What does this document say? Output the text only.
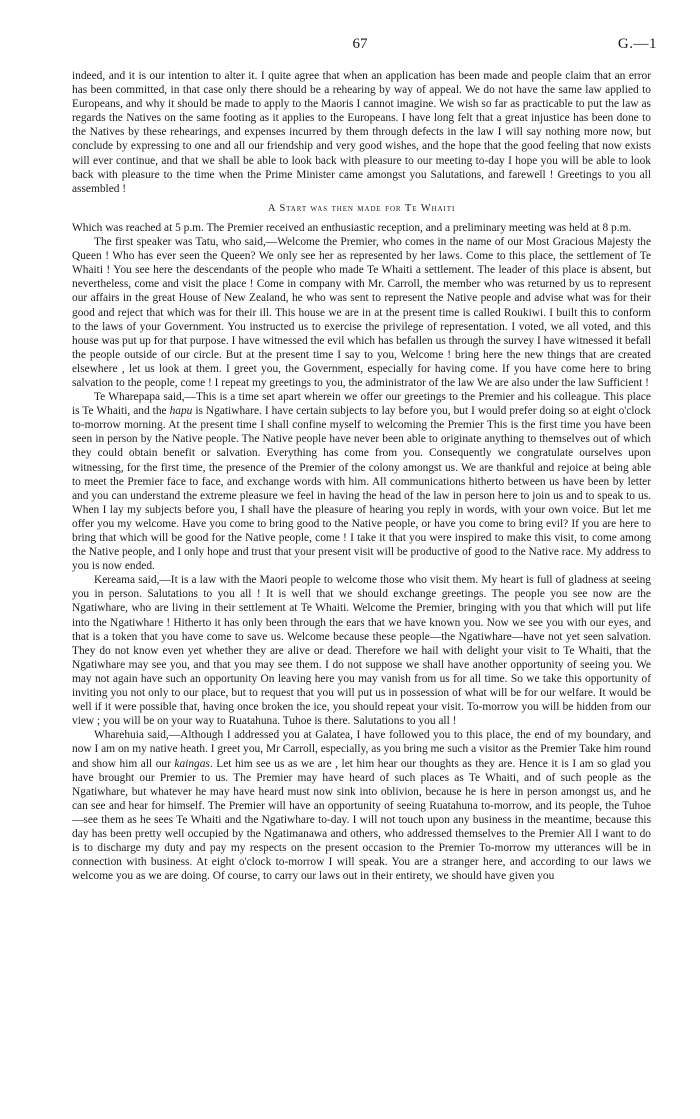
67	G.—1

indeed, and it is our intention to alter it. I quite agree that when an application has been made and people claim that an error has been committed, in that case only there should be a rehearing by way of appeal. We do not have the same law applied to Europeans, and why it should be made to apply to the Maoris I cannot imagine. We wish so far as practicable to put the law as regards the Natives on the same footing as it applies to the Europeans. I have long felt that a great injustice has been done to the Natives by these rehearings, and expenses incurred by them through defects in the law I will say nothing more now, but conclude by expressing to one and all our friendship and very good wishes, and the hope that the good feeling that now exists will ever continue, and that we shall be able to look back with pleasure to our meeting to-day I hope you will be able to look back with pleasure to the time when the Prime Minister came amongst you Salutations, and farewell ! Greetings to you all assembled !

A Start was then made for Te Whaiti

Which was reached at 5 p.m. The Premier received an enthusiastic reception, and a preliminary meeting was held at 8 p.m.

The first speaker was Tatu, who said,—Welcome the Premier, who comes in the name of our Most Gracious Majesty the Queen ! Who has ever seen the Queen? We only see her as represented by her laws. Come to this place, the settlement of Te Whaiti ! You see here the descendants of the people who made Te Whaiti a settlement. The leader of this place is absent, but nevertheless, come and visit the place ! Come in company with Mr. Carroll, the member who was returned by us to represent our affairs in the great House of New Zealand, he who was sent to represent the Native people and advise what was for their good and reject that which was for their ill. This house we are in at the present time is called Roukiwi. I built this to conform to the laws of your Government. You instructed us to exercise the privilege of representation. I voted, we all voted, and this house was put up for that purpose. I have witnessed the evil which has befallen us through the survey I have witnessed it befall the people outside of our circle. But at the present time I say to you, Welcome ! bring here the new things that are created elsewhere , let us look at them. I greet you, the Government, especially for having come. If you have come here to bring salvation to the people, come ! I repeat my greetings to you, the administrator of the law We are also under the law Sufficient !

Te Wharepapa said,—This is a time set apart wherein we offer our greetings to the Premier and his colleague. This place is Te Whaiti, and the hapu is Ngatiwhare. I have certain subjects to lay before you, but I would prefer doing so at eight o'clock to-morrow morning. At the present time I shall confine myself to welcoming the Premier This is the first time you have been seen in person by the Native people. The Native people have never been able to originate anything to themselves out of which they could obtain benefit or salvation. Everything has come from you. Consequently we congratulate ourselves upon witnessing, for the first time, the presence of the Premier of the colony amongst us. We are thankful and rejoice at being able to meet the Premier face to face, and exchange words with him. All communications hitherto between us have been by letter and you can understand the extreme pleasure we feel in having the head of the law in person here to join us and to speak to us. When I lay my subjects before you, I shall have the pleasure of hearing you reply in words, with your own voice. But let me offer you my welcome. Have you come to bring good to the Native people, or have you come to bring evil? If you are here to bring that which will be good for the Native people, come ! I take it that you were inspired to make this visit, to come among the Native people, and I only hope and trust that your present visit will be productive of good to the Native race. My address to you is now ended.

Kereama said,—It is a law with the Maori people to welcome those who visit them. My heart is full of gladness at seeing you in person. Salutations to you all ! It is well that we should exchange greetings. The people you see now are the Ngatiwhare, who are living in their settlement at Te Whaiti. Welcome the Premier, bringing with you that which will put life into the Ngatiwhare ! Hitherto it has only been through the ears that we have known you. Now we see you with our eyes, and that is a token that you have come to save us. Welcome because these people—the Ngatiwhare—have not yet seen salvation. They do not know even yet whether they are alive or dead. Therefore we hail with delight your visit to Te Whaiti, that the Ngatiwhare may see you, and that you may see them. I do not suppose we shall have another opportunity of seeing you. We may not again have such an opportunity On leaving here you may vanish from us for all time. So we take this opportunity of inviting you not only to our place, but to request that you will put us in possession of what will be for our welfare. It would be well if it were possible that, having once broken the ice, you should repeat your visit. To-morrow you will be hidden from our view ; you will be on your way to Ruatahuna. Tuhoe is there. Salutations to you all !

Wharehuia said,—Although I addressed you at Galatea, I have followed you to this place, the end of my boundary, and now I am on my native heath. I greet you, Mr Carroll, especially, as you bring me such a visitor as the Premier Take him round and show him all our kaingas. Let him see us as we are , let him hear our thoughts as they are. Hence it is I am so glad you have brought our Premier to us. The Premier may have heard of such places as Te Whaiti, and of such people as the Ngatiwhare, but whatever he may have heard must now sink into oblivion, because he is here in person amongst us, and he can see and hear for himself. The Premier will have an opportunity of seeing Ruatahuna to-morrow, and its people, the Tuhoe—see them as he sees Te Whaiti and the Ngatiwhare to-day. I will not touch upon any business in the meantime, because this day has been pretty well occupied by the Ngatimanawa and others, who addressed themselves to the Premier All I want to do is to discharge my duty and pay my respects on the present occasion to the Premier To-morrow my utterances will be in connection with business. At eight o'clock to-morrow I will speak. You are a stranger here, and according to our laws we welcome you as we are doing. Of course, to carry our laws out in their entirety, we should have given you
